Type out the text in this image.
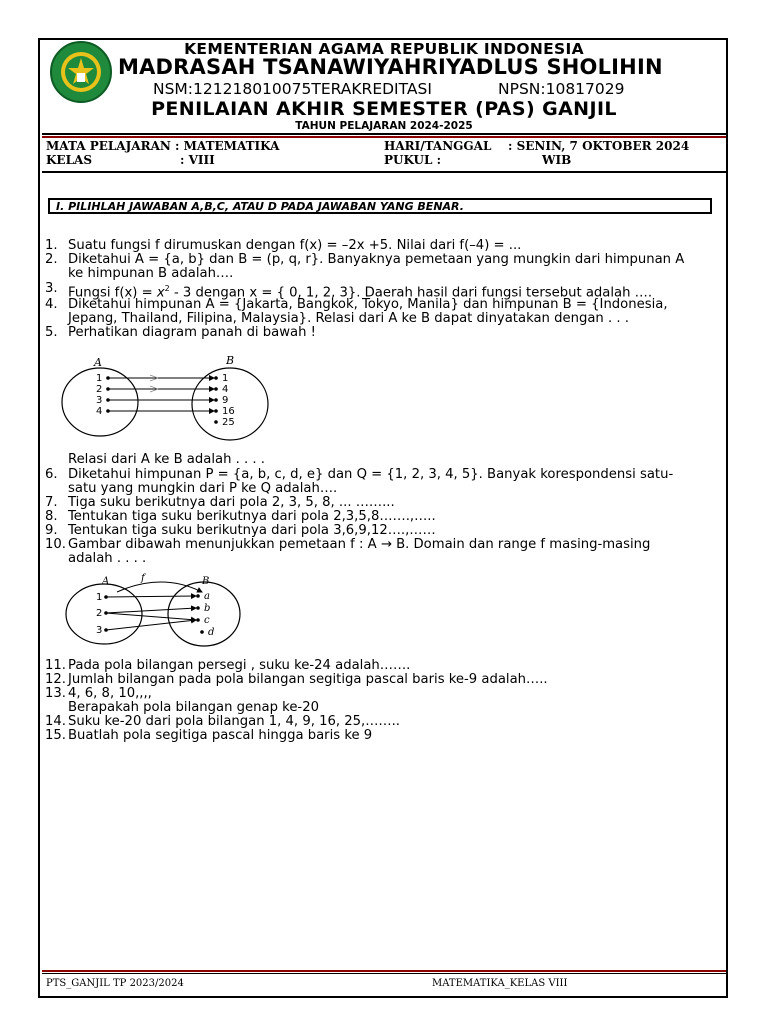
KEMENTERIAN AGAMA REPUBLIK INDONESIA
MADRASAH TSANAWIYAHRIYADLUS SHOLIHIN
NSM:121218010075TERAKREDITASI	NPSN:10817029
PENILAIAN AKHIR SEMESTER (PAS) GANJIL
TAHUN PELAJARAN 2024-2025
MATA PELAJARAN : MATEMATIKA
KELAS	: VIII
HARI/TANGGAL : SENIN, 7 OKTOBER 2024
PUKUL :	WIB
I. PILIHLAH JAWABAN A,B,C, ATAU D PADA JAWABAN YANG BENAR.
1. Suatu fungsi f dirumuskan dengan f(x) = –2x +5. Nilai dari f(–4) = ...
2. Diketahui A = {a, b} dan B = (p, q, r}. Banyaknya pemetaan yang mungkin dari himpunan A
ke himpunan B adalah….
3. Fungsi $f(x) = x^2 - 3$ dengan x = { 0, 1, 2, 3}. Daerah hasil dari fungsi tersebut adalah ….
4. Diketahui himpunan A = {Jakarta, Bangkok, Tokyo, Manila} dan himpunan B = {Indonesia,
Jepang, Thailand, Filipina, Malaysia}. Relasi dari A ke B dapat dinyatakan dengan . . .
5. Perhatikan diagram panah di bawah !
A	B
1
2
3
4
1
4
9
16
25
Relasi dari A ke B adalah . . . .
6. Diketahui himpunan P = {a, b, c, d, e} dan Q = {1, 2, 3, 4, 5}. Banyak korespondensi satu-
satu yang mungkin dari P ke Q adalah….
7. Tiga suku berikutnya dari pola 2, 3, 5, 8, ... ……...
8. Tentukan tiga suku berikutnya dari pola 2,3,5,8…….,…..
9. Tentukan tiga suku berikutnya dari pola 3,6,9,12….,……
10. Gambar dibawah menunjukkan pemetaan f : A → B. Domain dan range f masing-masing
adalah . . . .
A	B
f
1
2
3
a
b
c
d
11. Pada pola bilangan persegi , suku ke-24 adalah…….
12. Jumlah bilangan pada pola bilangan segitiga pascal baris ke-9 adalah…..
13. 4, 6, 8, 10,,,,
Berapakah pola bilangan genap ke-20
14. Suku ke-20 dari pola bilangan 1, 4, 9, 16, 25,……..
15. Buatlah pola segitiga pascal hingga baris ke 9
PTS_GANJIL TP 2023/2024	MATEMATIKA_KELAS VIII
